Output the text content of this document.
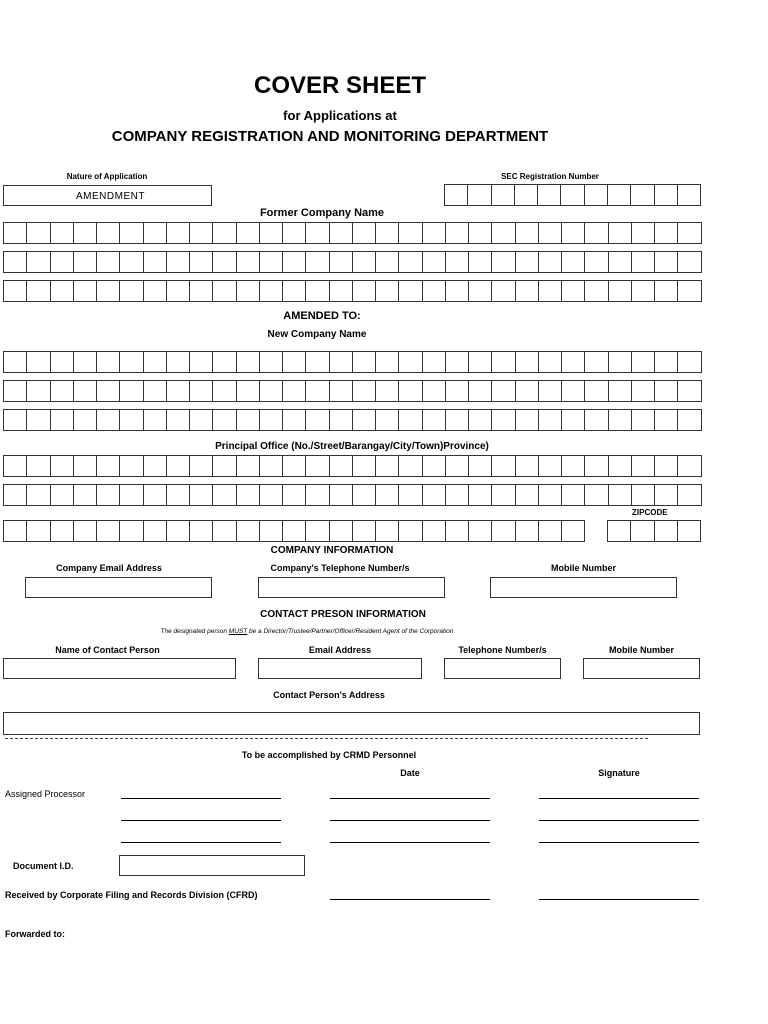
COVER SHEET
for Applications at
COMPANY REGISTRATION AND MONITORING DEPARTMENT
Nature of Application
AMENDMENT
SEC Registration Number
Former Company Name
AMENDED TO:
New Company Name
Principal Office (No./Street/Barangay/City/Town)Province)
ZIPCODE
COMPANY INFORMATION
Company Email Address	Company's Telephone Number/s	Mobile Number
CONTACT PRESON INFORMATION
The designated person MUST be a Director/Trustee/Partner/Officer/Resident Agent of the Corporation
Name of Contact Person	Email Address	Telephone Number/s	Mobile Number
Contact Person's Address
To be accomplished by CRMD Personnel
Date	Signature
Assigned Processor
Document I.D.
Received by Corporate Filing and Records Division (CFRD)
Forwarded to:
